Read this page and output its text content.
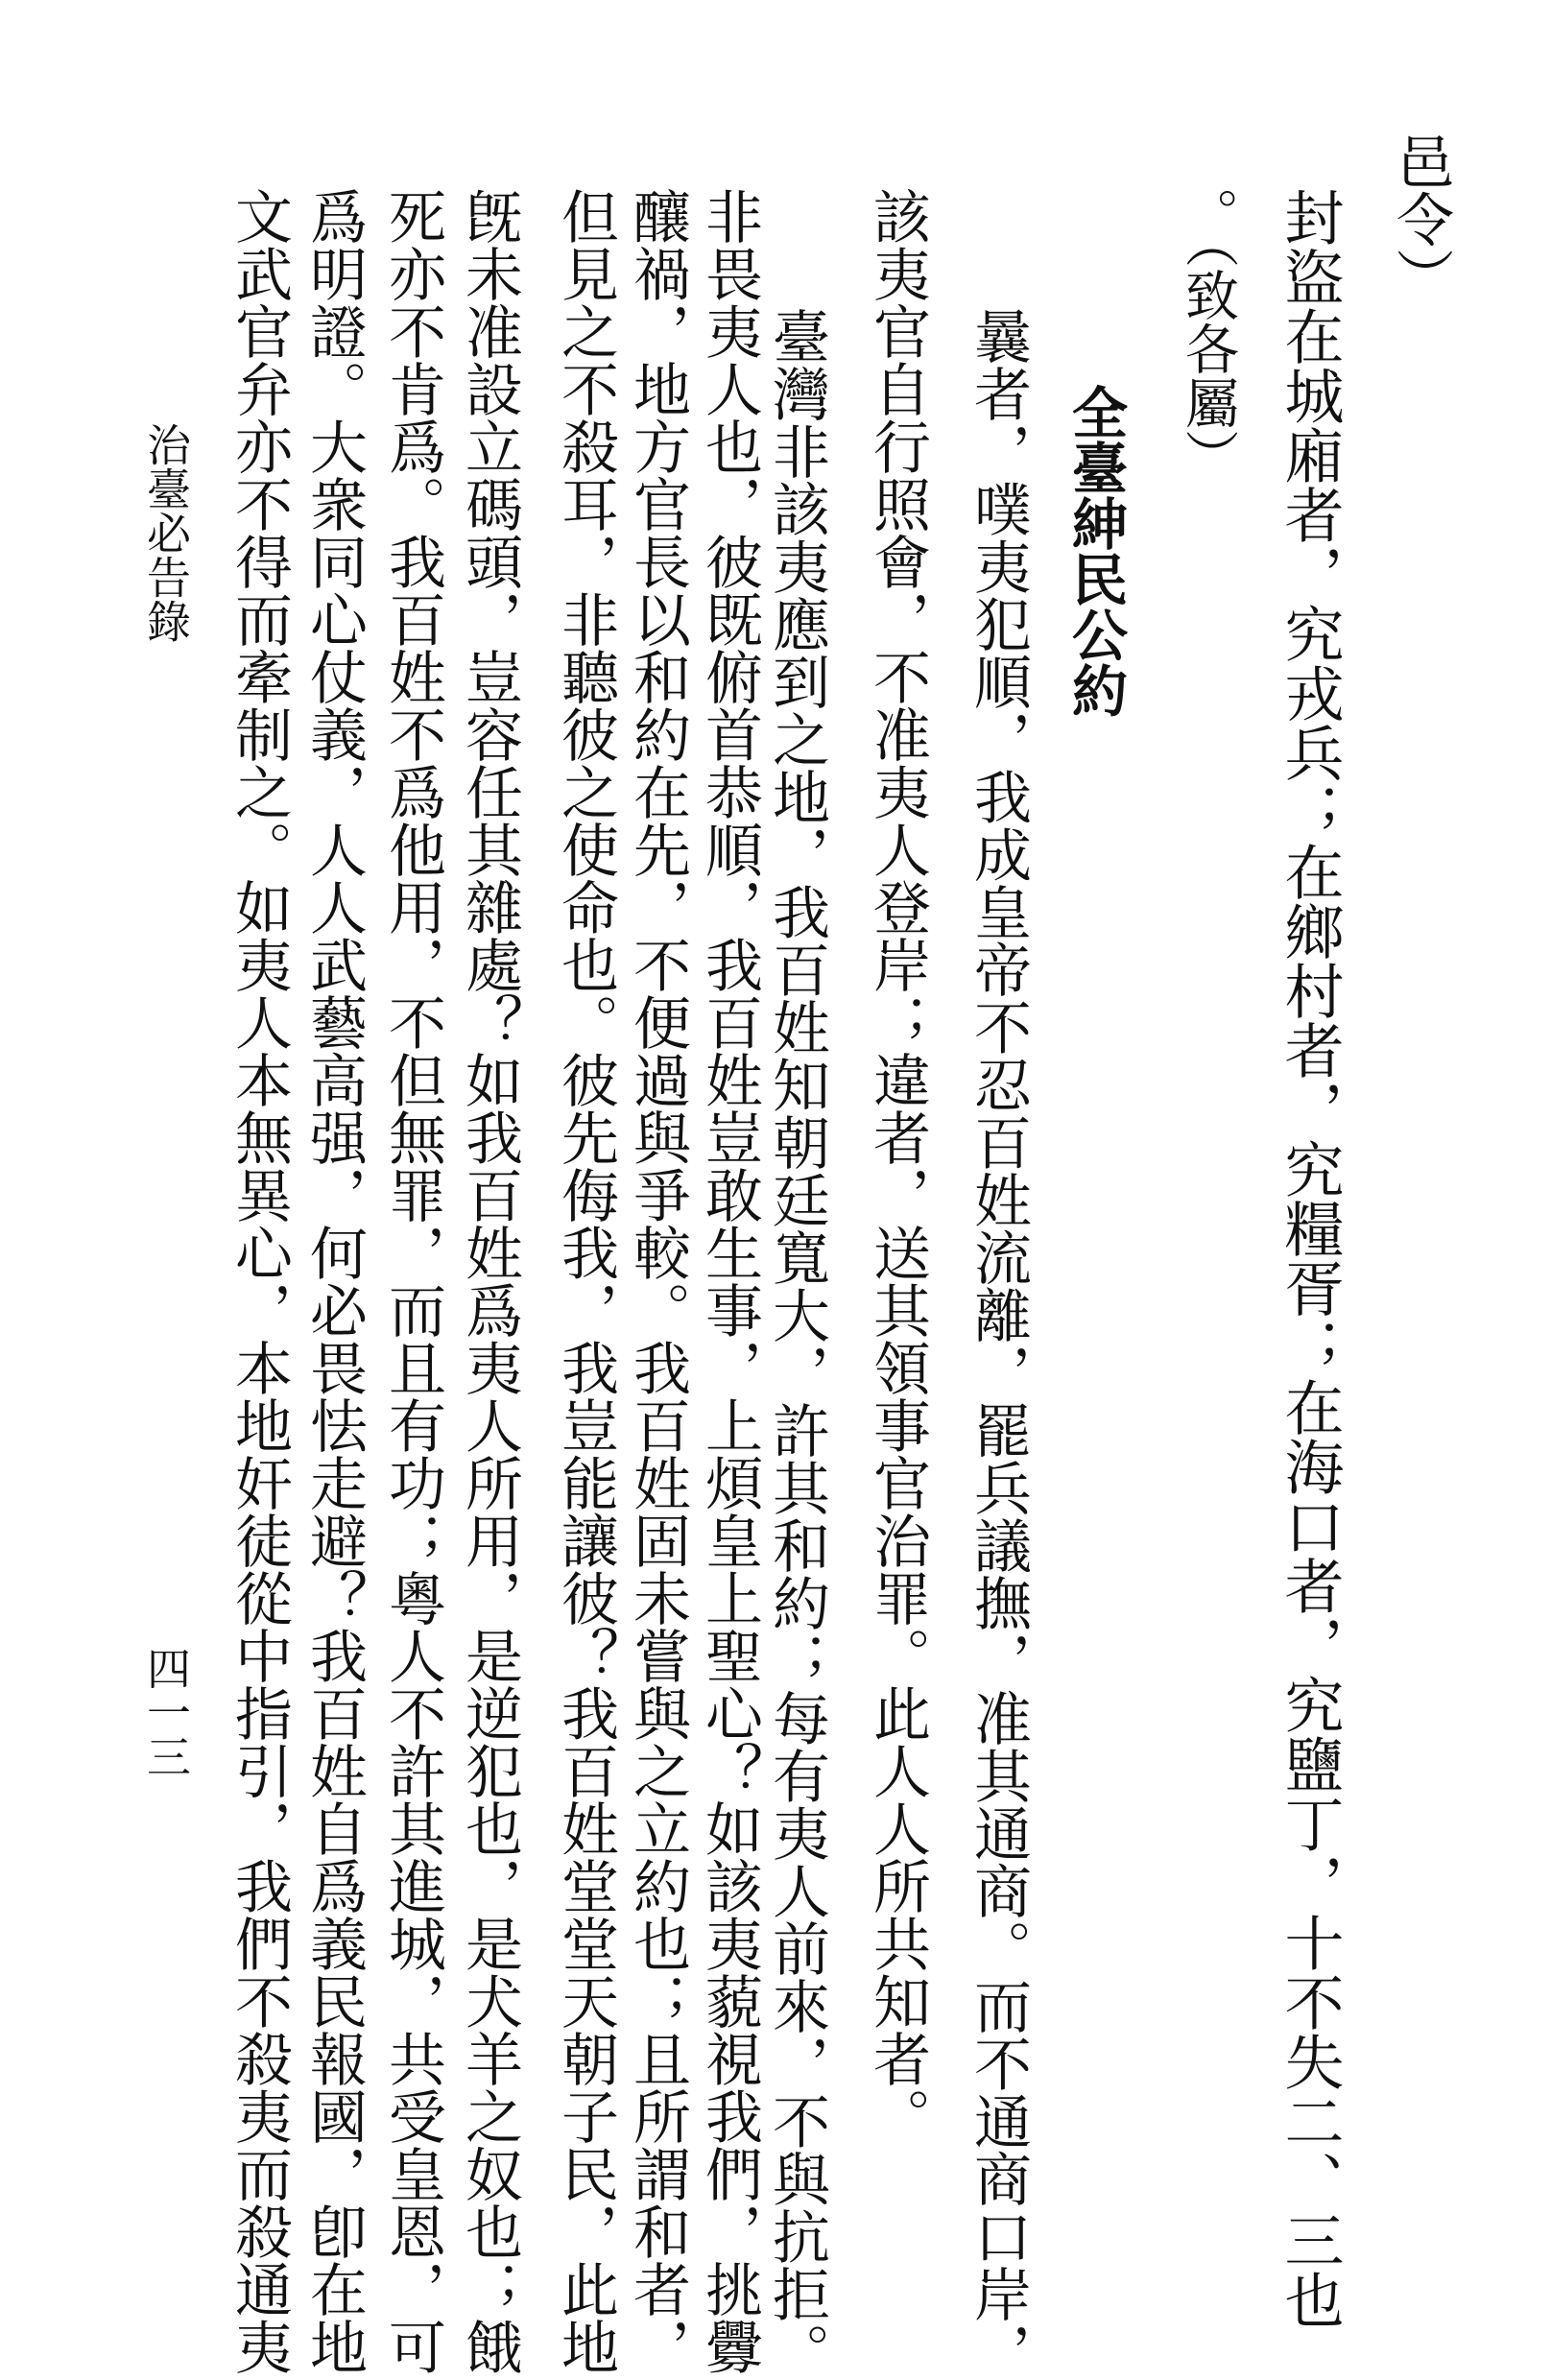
邑令）
封盜在城廂者，究戎兵；在鄉村者，究糧胥；在海口者，究鹽丁，十不失二、三也
。（致各屬）
全臺紳民公約
曩者，噗夷犯順，我成皇帝不忍百姓流離，罷兵議撫，准其通商。而不通商口岸，
該夷官自行照會，不准夷人登岸；違者，送其領事官治罪。此人人所共知者。
臺灣非該夷應到之地，我百姓知朝廷寬大，許其和約；每有夷人前來，不與抗拒。
非畏夷人也，彼既俯首恭順，我百姓豈敢生事，上煩皇上聖心？如該夷藐視我們，挑釁
釀禍，地方官長以和約在先，不便過與爭較。我百姓固未嘗與之立約也；且所謂和者，
但見之不殺耳，非聽彼之使命也。彼先侮我，我豈能讓彼？我百姓堂堂天朝子民，此地
旣未准設立碼頭，豈容任其雜處？如我百姓爲夷人所用，是逆犯也，是犬羊之奴也；餓
死亦不肯爲。我百姓不爲他用，不但無罪，而且有功；粵人不許其進城，共受皇恩，可
爲明證。大衆同心仗義，人人武藝高强，何必畏怯走避？我百姓自爲義民報國，卽在地
文武官弁亦不得而牽制之。如夷人本無異心，本地奸徒從中指引，我們不殺夷而殺通夷
治臺必告錄
四一三
